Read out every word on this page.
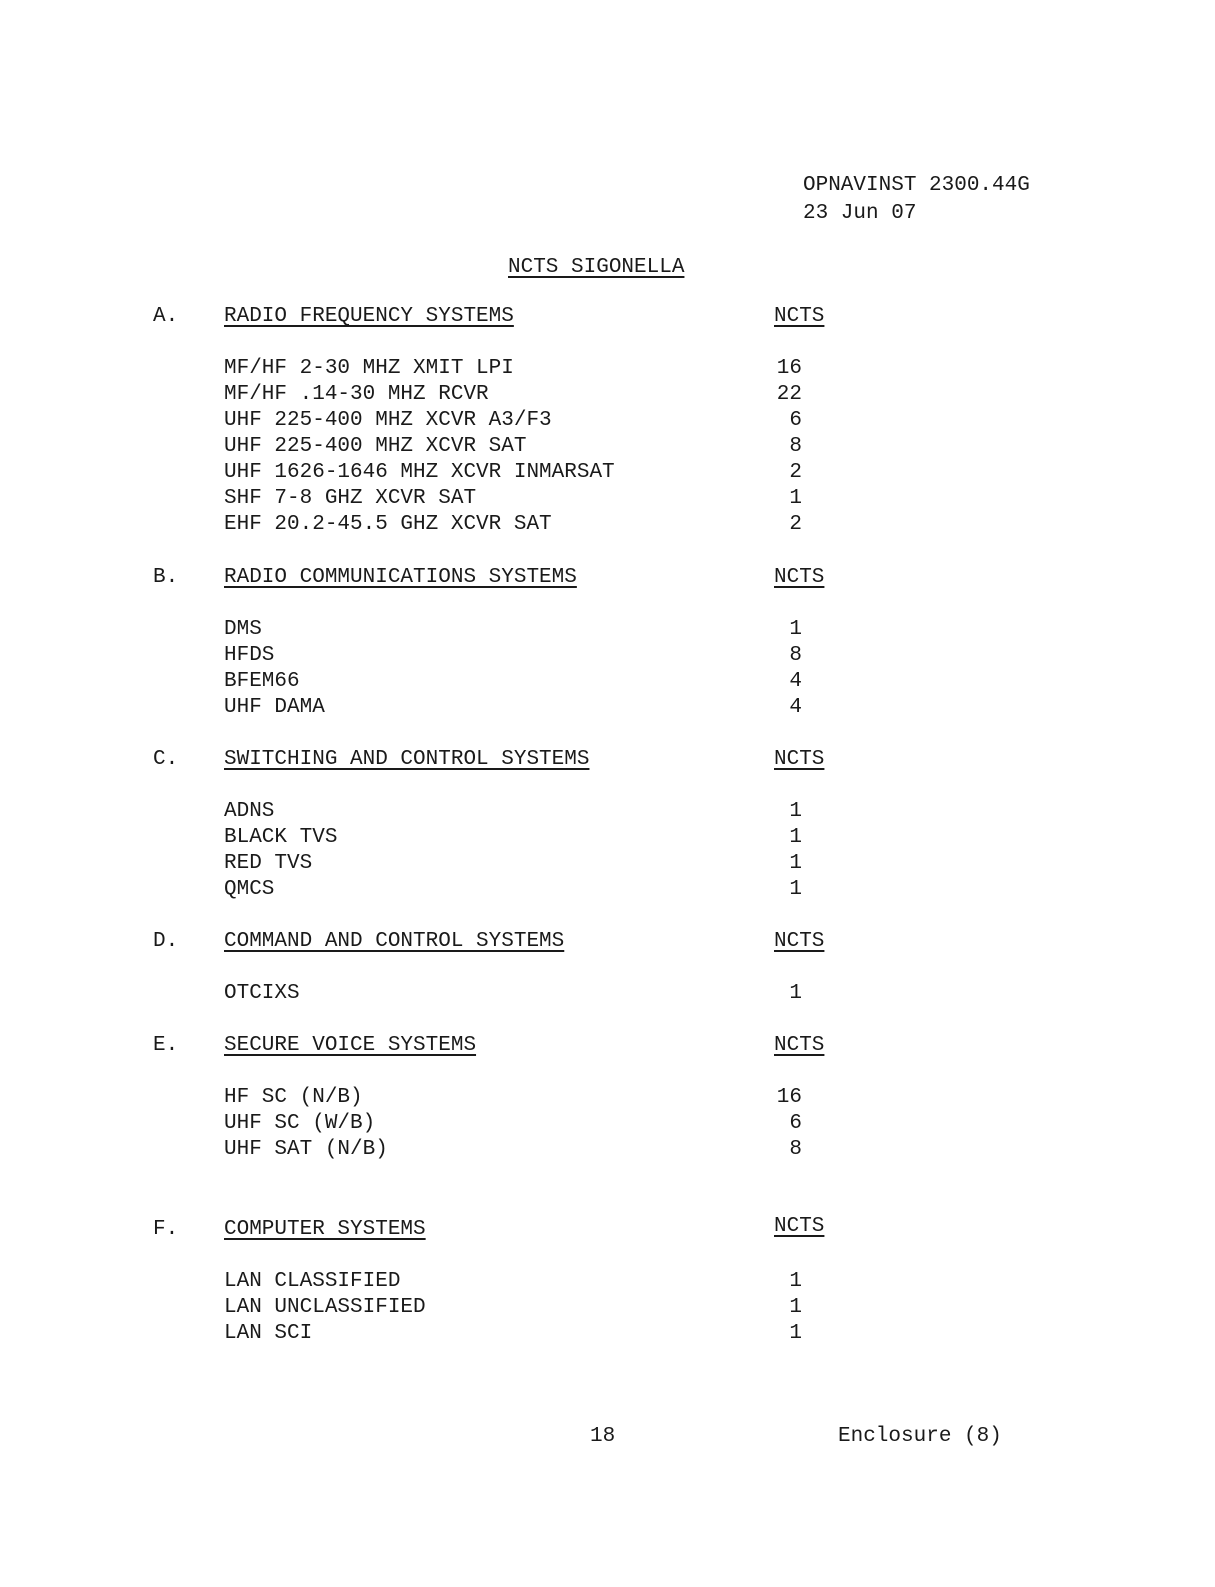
OPNAVINST 2300.44G
23 Jun 07
NCTS SIGONELLA
A. RADIO FREQUENCY SYSTEMS	NCTS
MF/HF 2-30 MHZ XMIT LPI	16
MF/HF .14-30 MHZ RCVR	22
UHF 225-400 MHZ XCVR A3/F3	6
UHF 225-400 MHZ XCVR SAT	8
UHF 1626-1646 MHZ XCVR INMARSAT	2
SHF 7-8 GHZ XCVR SAT	1
EHF 20.2-45.5 GHZ XCVR SAT	2
B. RADIO COMMUNICATIONS SYSTEMS	NCTS
DMS	1
HFDS	8
BFEM66	4
UHF DAMA	4
C. SWITCHING AND CONTROL SYSTEMS	NCTS
ADNS	1
BLACK TVS	1
RED TVS	1
QMCS	1
D. COMMAND AND CONTROL SYSTEMS	NCTS
OTCIXS	1
E. SECURE VOICE SYSTEMS	NCTS
HF SC (N/B)	16
UHF SC (W/B)	6
UHF SAT (N/B)	8
F. COMPUTER SYSTEMS	NCTS
LAN CLASSIFIED	1
LAN UNCLASSIFIED	1
LAN SCI	1
18	Enclosure (8)
